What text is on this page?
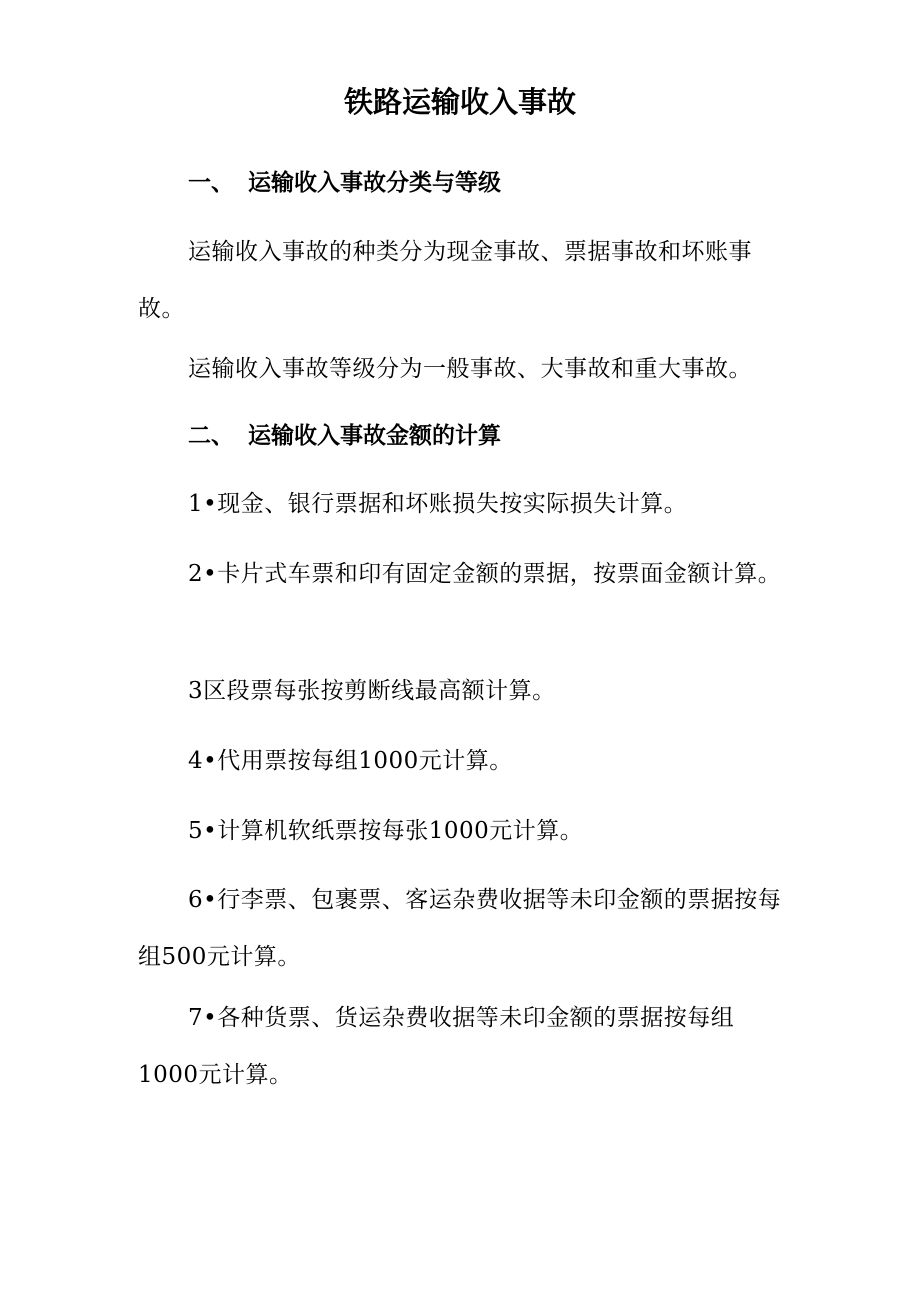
铁路运输收入事故
一、 运输收入事故分类与等级
运输收入事故的种类分为现金事故、票据事故和坏账事故。
运输收入事故等级分为一般事故、大事故和重大事故。
二、 运输收入事故金额的计算
1•现金、银行票据和坏账损失按实际损失计算。
2•卡片式车票和印有固定金额的票据，按票面金额计算。
3区段票每张按剪断线最高额计算。
4•代用票按每组1000元计算。
5•计算机软纸票按每张1000元计算。
6•行李票、包裹票、客运杂费收据等未印金额的票据按每组500元计算。
7•各种货票、货运杂费收据等未印金额的票据按每组1000元计算。
